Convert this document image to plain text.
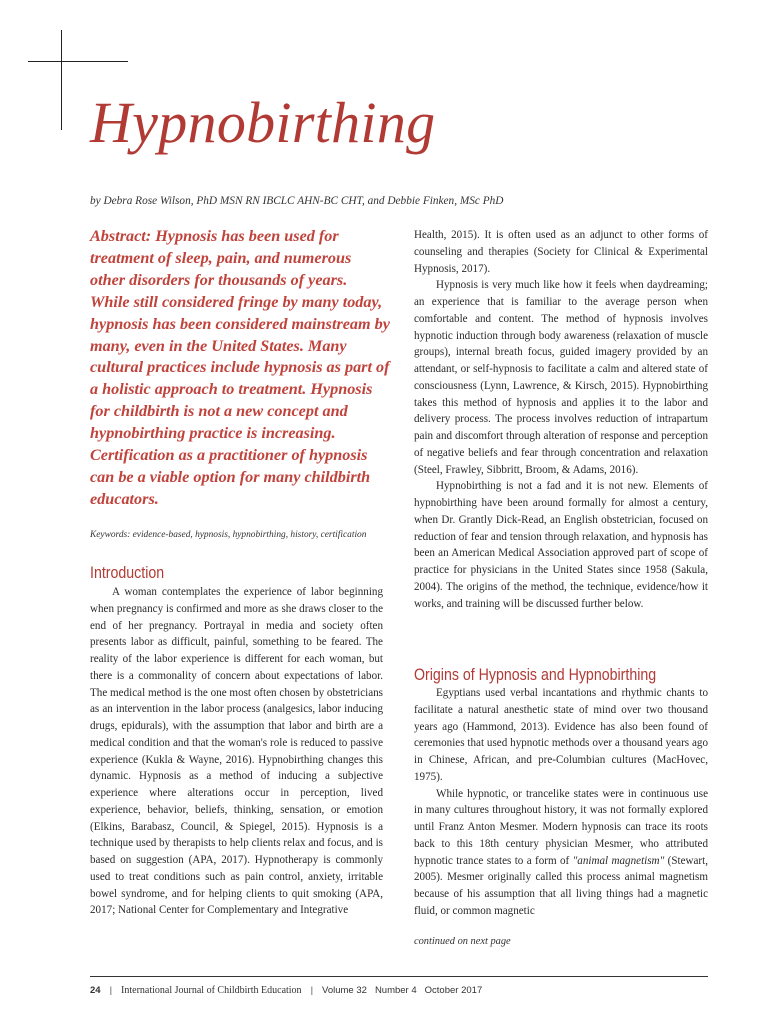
Hypnobirthing
by Debra Rose Wilson, PhD MSN RN IBCLC AHN-BC CHT, and Debbie Finken, MSc PhD

Abstract: Hypnosis has been used for treatment of sleep, pain, and numerous other disorders for thousands of years. While still considered fringe by many today, hypnosis has been considered mainstream by many, even in the United States. Many cultural practices include hypnosis as part of a holistic approach to treatment. Hypnosis for childbirth is not a new concept and hypnobirthing practice is increasing. Certification as a practitioner of hypnosis can be a viable option for many childbirth educators.

Keywords: evidence-based, hypnosis, hypnobirthing, history, certification
Introduction

A woman contemplates the experience of labor beginning when pregnancy is confirmed and more as she draws closer to the end of her pregnancy. Portrayal in media and society often presents labor as difficult, painful, something to be feared. The reality of the labor experience is different for each woman, but there is a commonality of concern about expectations of labor. The medical method is the one most often chosen by obstetricians as an intervention in the labor process (analgesics, labor inducing drugs, epidurals), with the assumption that labor and birth are a medical condition and that the woman's role is reduced to passive experience (Kukla & Wayne, 2016). Hypnobirthing changes this dynamic. Hypnosis as a method of inducing a subjective experience where alterations occur in perception, lived experience, behavior, beliefs, thinking, sensation, or emotion (Elkins, Barabasz, Council, & Spiegel, 2015). Hypnosis is a technique used by therapists to help clients relax and focus, and is based on suggestion (APA, 2017). Hypnotherapy is commonly used to treat conditions such as pain control, anxiety, irritable bowel syndrome, and for helping clients to quit smoking (APA, 2017; National Center for Complementary and Integrative

Health, 2015). It is often used as an adjunct to other forms of counseling and therapies (Society for Clinical & Experimental Hypnosis, 2017).

Hypnosis is very much like how it feels when daydreaming; an experience that is familiar to the average person when comfortable and content. The method of hypnosis involves hypnotic induction through body awareness (relaxation of muscle groups), internal breath focus, guided imagery provided by an attendant, or self-hypnosis to facilitate a calm and altered state of consciousness (Lynn, Lawrence, & Kirsch, 2015). Hypnobirthing takes this method of hypnosis and applies it to the labor and delivery process. The process involves reduction of intrapartum pain and discomfort through alteration of response and perception of negative beliefs and fear through concentration and relaxation (Steel, Frawley, Sibbritt, Broom, & Adams, 2016).

Hypnobirthing is not a fad and it is not new. Elements of hypnobirthing have been around formally for almost a century, when Dr. Grantly Dick-Read, an English obstetrician, focused on reduction of fear and tension through relaxation, and hypnosis has been an American Medical Association approved part of scope of practice for physicians in the United States since 1958 (Sakula, 2004). The origins of the method, the technique, evidence/how it works, and training will be discussed further below.

Origins of Hypnosis and Hypnobirthing

Egyptians used verbal incantations and rhythmic chants to facilitate a natural anesthetic state of mind over two thousand years ago (Hammond, 2013). Evidence has also been found of ceremonies that used hypnotic methods over a thousand years ago in Chinese, African, and pre-Columbian cultures (MacHovec, 1975).

While hypnotic, or trancelike states were in continuous use in many cultures throughout history, it was not formally explored until Franz Anton Mesmer. Modern hypnosis can trace its roots back to this 18th century physician Mesmer, who attributed hypnotic trance states to a form of "animal magnetism" (Stewart, 2005). Mesmer originally called this process animal magnetism because of his assumption that all living things had a magnetic fluid, or common magnetic

continued on next page
24 | International Journal of Childbirth Education | Volume 32 Number 4 October 2017
